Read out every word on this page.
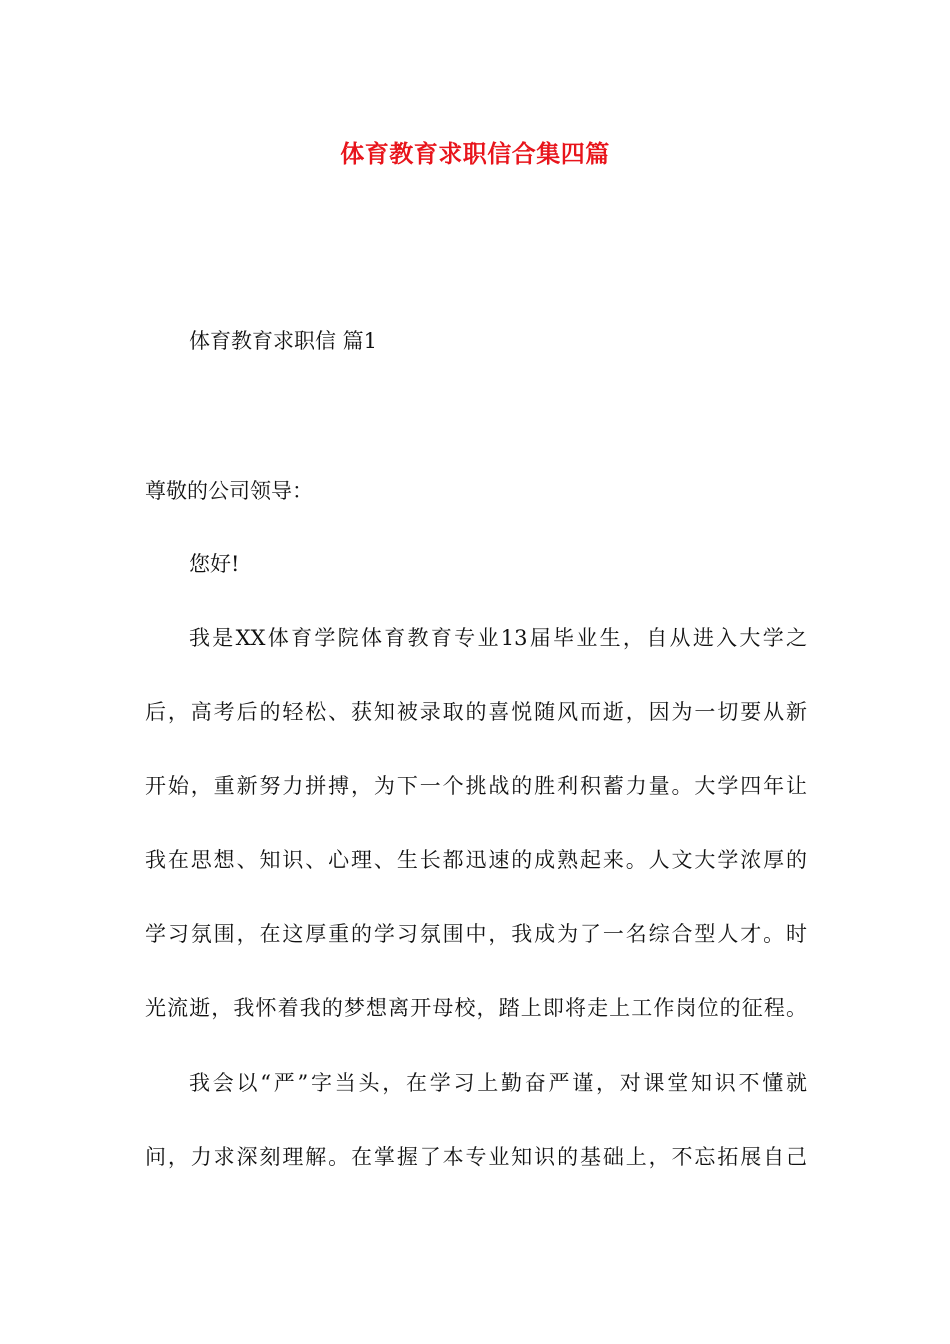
体育教育求职信合集四篇
体育教育求职信 篇1
尊敬的公司领导：
您好!
我是XX体育学院体育教育专业13届毕业生，自从进入大学之
后，高考后的轻松、获知被录取的喜悦随风而逝，因为一切要从新
开始，重新努力拼搏，为下一个挑战的胜利积蓄力量。大学四年让
我在思想、知识、心理、生长都迅速的成熟起来。人文大学浓厚的
学习氛围，在这厚重的学习氛围中，我成为了一名综合型人才。时
光流逝，我怀着我的梦想离开母校，踏上即将走上工作岗位的征程。
我会以“严”字当头，在学习上勤奋严谨，对课堂知识不懂就
问，力求深刻理解。在掌握了本专业知识的基础上，不忘拓展自己
